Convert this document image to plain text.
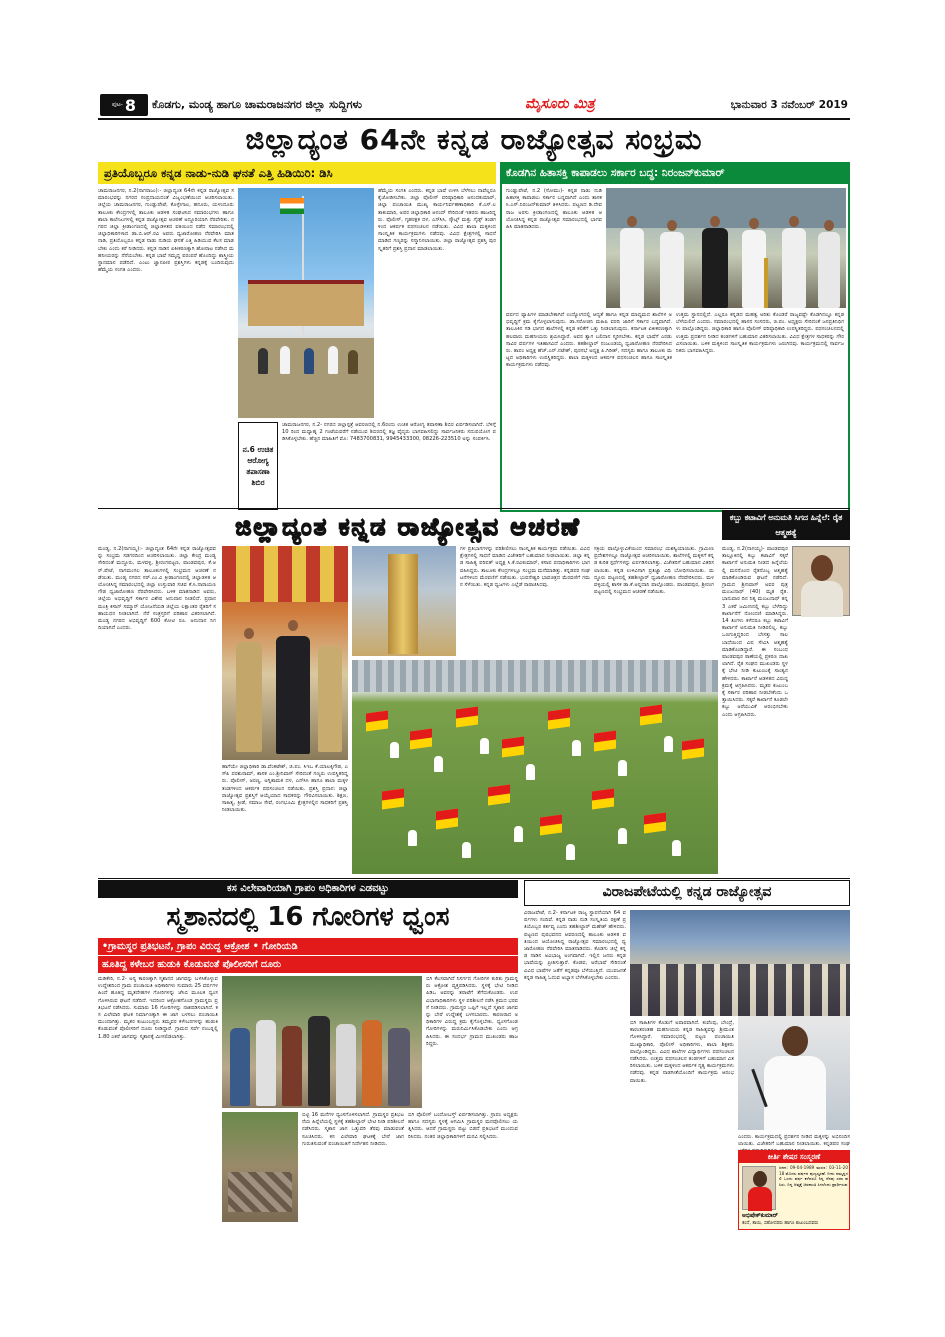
ಪುಟ- 8 ಕೊಡಗು, ಮಂಡ್ಯ ಹಾಗೂ ಚಾಮರಾಜನಗರ ಜಿಲ್ಲಾ ಸುದ್ದಿಗಳು	ಮೈಸೂರು ಮಿತ್ರ	ಭಾನುವಾರ 3 ನವೆಂಬರ್ 2019
ಜಿಲ್ಲಾದ್ಯಂತ 64ನೇ ಕನ್ನಡ ರಾಜ್ಯೋತ್ಸವ ಸಂಭ್ರಮ
ಪ್ರತಿಯೊಬ್ಬರೂ ಕನ್ನಡ ನಾಡು-ನುಡಿ ಘನತೆ ಎತ್ತಿ ಹಿಡಿಯಿರಿ: ಡಿಸಿ
ಚಾಮರಾಜನಗರ, ನ.2(ನಾಗರಾಜು):- ಜಿಲ್ಲಾದ್ಯಂತ 64ನೇ ಕನ್ನಡ ರಾಜ್ಯೋತ್ಸವ ಸಮಾರಂಭವನ್ನು ನಗರದ ಸಂಪ್ರದಾಯದಂತೆ ವಿಜೃಂಭಣೆಯಿಂದ ಆಚರಿಸಲಾಯಿತು. ಜಿಲ್ಲೆಯ ಚಾಮರಾಜನಗರ, ಗುಂಡ್ಲುಪೇಟೆ, ಕೊಳ್ಳೇಗಾಲ, ಹನೂರು, ಯಳಂದೂರು ತಾಲೂಕು ಕೇಂದ್ರಗಳಲ್ಲಿ ತಾಲೂಕು ಆಡಳಿತ ಸಂಘಟಿಸಿದ ಸಮಾರಂಭಗಳು ಹಾಗೂ ಶಾಲಾ ಕಾಲೇಜುಗಳಲ್ಲಿ ಕನ್ನಡ ರಾಜ್ಯೋತ್ಸವ ಆಚರಣೆ ಅದ್ದೂರಿಯಾಗಿ ನೆರವೇರಿತು. ನಗರದ ಜಿಲ್ಲಾ ಕ್ರೀಡಾಂಗಣದಲ್ಲಿ ಜಿಲ್ಲಾಡಳಿತದ ವತಿಯಿಂದ ನಡೆದ ಸಮಾರಂಭದಲ್ಲಿ ಜಿಲ್ಲಾಧಿಕಾರಿಗಳಾದ ಡಾ.ಬಿ.ಆರ್.ರವಿ ಅವರು ಧ್ವಜಾರೋಹಣ ನೆರವೇರಿಸಿ ಮಾತನಾಡಿ, ಪ್ರತಿಯೊಬ್ಬರೂ ಕನ್ನಡ ನಾಡು ನುಡಿಯ ಘನತೆ ಎತ್ತಿ ಹಿಡಿಯುವ ಕೆಲಸ ಮಾಡಬೇಕು ಎಂದು ಕರೆ ನೀಡಿದರು. ಕನ್ನಡ ನಾಡಿನ ಏಕೀಕರಣಕ್ಕಾಗಿ ಹೋರಾಟ ನಡೆಸಿದ ಮಹನೀಯರನ್ನು ನೆನೆಯಬೇಕು. ಕನ್ನಡ ಭಾಷೆ ಸಮೃದ್ಧ ಪರಂಪರೆ ಹೊಂದಿದ್ದು ಶಾಸ್ತ್ರೀಯ ಸ್ಥಾನಮಾನ ಪಡೆದಿದೆ. ಎಂಟು ಜ್ಞಾನಪೀಠ ಪ್ರಶಸ್ತಿಗಳು ಕನ್ನಡಕ್ಕೆ ಬಂದಿರುವುದು ಹೆಮ್ಮೆಯ ಸಂಗತಿ ಎಂದರು.
ಹೆಮ್ಮೆಯ ಸಂಗತಿ ಎಂದರು. ಕನ್ನಡ ಭಾಷೆ ಉಳಿಸಿ ಬೆಳೆಸಲು ನಾವೆಲ್ಲರೂ ಕೈಜೋಡಿಸಬೇಕು. ಜಿಲ್ಲಾ ಪೊಲೀಸ್ ವರಿಷ್ಠಾಧಿಕಾರಿ ಆನಂದಕುಮಾರ್, ಜಿಲ್ಲಾ ಪಂಚಾಯಿತಿ ಮುಖ್ಯ ಕಾರ್ಯನಿರ್ವಹಣಾಧಿಕಾರಿ ಕೆ.ಎಸ್.ಲತಾಕುಮಾರಿ, ಅಪರ ಜಿಲ್ಲಾಧಿಕಾರಿ ಆನಂದ್ ಸೇರಿದಂತೆ ಇತರರು ಹಾಜರಿದ್ದರು. ಪೊಲೀಸ್, ಗೃಹರಕ್ಷಕ ದಳ, ಎನ್‍ಸಿಸಿ, ಸ್ಕೌಟ್ಸ್ ಮತ್ತು ಗೈಡ್ಸ್ ತಂಡಗಳಿಂದ ಆಕರ್ಷಕ ಪಥಸಂಚಲನ ನಡೆಯಿತು. ವಿವಿಧ ಶಾಲಾ ಮಕ್ಕಳಿಂದ ಸಾಂಸ್ಕೃತಿಕ ಕಾರ್ಯಕ್ರಮಗಳು ನಡೆದವು. ವಿವಿಧ ಕ್ಷೇತ್ರಗಳಲ್ಲಿ ಸಾಧನೆ ಮಾಡಿದ ಗಣ್ಯರನ್ನು ಸನ್ಮಾನಿಸಲಾಯಿತು. ಜಿಲ್ಲಾ ರಾಜ್ಯೋತ್ಸವ ಪ್ರಶಸ್ತಿ ಪುರಸ್ಕೃತರಿಗೆ ಪ್ರಶಸ್ತಿ ಪ್ರದಾನ ಮಾಡಲಾಯಿತು.
ನ.6 ಉಚಿತ ಆರೋಗ್ಯ ತಪಾಸಣಾ ಶಿಬಿರ
ಚಾಮರಾಜನಗರ, ನ.2- ನಗರದ ಜಿಲ್ಲಾಸ್ಪತ್ರೆ ಆವರಣದಲ್ಲಿ ನ.6ರಂದು ಉಚಿತ ಆರೋಗ್ಯ ತಪಾಸಣಾ ಶಿಬಿರ ಏರ್ಪಡಿಸಲಾಗಿದೆ. ಬೆಳಿಗ್ಗೆ 10 ರಿಂದ ಮಧ್ಯಾಹ್ನ 2 ಗಂಟೆಯವರೆಗೆ ನಡೆಯುವ ಶಿಬಿರದಲ್ಲಿ ತಜ್ಞ ವೈದ್ಯರು ಭಾಗವಹಿಸಲಿದ್ದು ಸಾರ್ವಜನಿಕರು ಸದುಪಯೋಗ ಪಡಿಸಿಕೊಳ್ಳಬೇಕು. ಹೆಚ್ಚಿನ ಮಾಹಿತಿಗೆ ಮೊ: 7483700831, 9945433300, 08226-223510 ಅನ್ನು ಸಂಪರ್ಕಿಸಿ.
ಕೊಡಗಿನ ಹಿತಾಸಕ್ತಿ ಕಾಪಾಡಲು ಸರ್ಕಾರ ಬದ್ಧ: ನಿರಂಜನ್‍ಕುಮಾರ್
ಗುಂಡ್ಲುಪೇಟೆ, ನ.2 (ಸೋಮು)- ಕನ್ನಡ ನಾಡು ನುಡಿ ಹಿತಾಸಕ್ತಿ ಕಾಪಾಡಲು ಸರ್ಕಾರ ಬದ್ಧವಾಗಿದೆ ಎಂದು ಶಾಸಕ ಸಿ.ಎಸ್.ನಿರಂಜನ್‍ಕುಮಾರ್ ತಿಳಿಸಿದರು. ಪಟ್ಟಣದ ಡಿ.ದೇವರಾಜ ಅರಸು ಕ್ರೀಡಾಂಗಣದಲ್ಲಿ ತಾಲೂಕು ಆಡಳಿತ ಆಯೋಜಿಸಿದ್ದ ಕನ್ನಡ ರಾಜ್ಯೋತ್ಸವ ಸಮಾರಂಭದಲ್ಲಿ ಭಾಗವಹಿಸಿ ಮಾತನಾಡಿದರು.
ವರ್ಷದ ವ್ಯಾಪಿಗಳ ಮಾಡಬೇಕಾಗಿದೆ ಉದ್ಯೋಗದಲ್ಲಿ ಆದ್ಯತೆ ಹಾಗೂ ಕನ್ನಡ ಮಾಧ್ಯಮದ ಶಾಲೆಗಳ ಅಭಿವೃದ್ಧಿಗೆ ಕ್ರಮ ಕೈಗೊಳ್ಳಲಾಗುವುದು. ಡಾ.ಸರೋಜಿನಿ ಮಹಿಷಿ ವರದಿ ಜಾರಿಗೆ ಸರ್ಕಾರ ಬದ್ಧವಾಗಿದೆ. ತಾಲೂಕಿನ ಗಡಿ ಭಾಗದ ಶಾಲೆಗಳಲ್ಲಿ ಕನ್ನಡ ಕಲಿಕೆಗೆ ಒತ್ತು ನೀಡಲಾಗುವುದು. ಕರ್ನಾಟಕ ಏಕೀಕರಣಕ್ಕಾಗಿ ಹಲವಾರು ಮಹನೀಯರು ಶ್ರಮಿಸಿದ್ದಾರೆ. ಅವರ ತ್ಯಾಗ ಬಲಿದಾನ ಸ್ಮರಿಸಬೇಕು. ಕನ್ನಡ ಭಾಷೆಗೆ ಎರಡು ಸಾವಿರ ವರ್ಷಗಳ ಇತಿಹಾಸವಿದೆ ಎಂದರು. ತಹಶೀಲ್ದಾರ್ ನಂಜುಂಡಯ್ಯ ಧ್ವಜಾರೋಹಣ ನೆರವೇರಿಸಿದರು. ತಾಪಂ ಅಧ್ಯಕ್ಷ ಹೆಚ್.ಎನ್.ನಟೇಶ್, ಪುರಸಭೆ ಅಧ್ಯಕ್ಷ ಪಿ.ಗಿರೀಶ್, ಸದಸ್ಯರು ಹಾಗೂ ತಾಲೂಕು ಮಟ್ಟದ ಅಧಿಕಾರಿಗಳು ಉಪಸ್ಥಿತರಿದ್ದರು. ಶಾಲಾ ಮಕ್ಕಳಿಂದ ಆಕರ್ಷಕ ಪಥಸಂಚಲನ ಹಾಗೂ ಸಾಂಸ್ಕೃತಿಕ ಕಾರ್ಯಕ್ರಮಗಳು ನಡೆದವು.
ಉತ್ತಮ ಸ್ಥಾನದಲ್ಲಿದೆ. ಎಲ್ಲರೂ ಕನ್ನಡದ ಮಹತ್ವ ಅರಿತು ಕೊಂಡರೆ ರಾಜ್ಯವಷ್ಟೇ ಕೊಡಗಿನಲ್ಲೂ ಕನ್ನಡ ಬೆಳೆಯಲಿದೆ ಎಂದರು. ಸಮಾರಂಭದಲ್ಲಿ ಹಾಸನ ಸಂಸದರು, ಜಿ.ಪಂ. ಅಧ್ಯಕ್ಷರು ಸೇರಿದಂತೆ ಜನಪ್ರತಿನಿಧಿಗಳು ಪಾಲ್ಗೊಂಡಿದ್ದರು. ಜಿಲ್ಲಾಧಿಕಾರಿ ಹಾಗೂ ಪೊಲೀಸ್ ವರಿಷ್ಠಾಧಿಕಾರಿ ಉಪಸ್ಥಿತರಿದ್ದರು. ಪಥಸಂಚಲನದಲ್ಲಿ ಉತ್ತಮ ಪ್ರದರ್ಶನ ನೀಡಿದ ತಂಡಗಳಿಗೆ ಬಹುಮಾನ ವಿತರಿಸಲಾಯಿತು. ವಿವಿಧ ಕ್ಷೇತ್ರಗಳ ಸಾಧಕರನ್ನು ಗೌರವಿಸಲಾಯಿತು. ಬಳಿಕ ಮಕ್ಕಳಿಂದ ಸಾಂಸ್ಕೃತಿಕ ಕಾರ್ಯಕ್ರಮಗಳು ಜರುಗಿದವು. ಕಾರ್ಯಕ್ರಮದಲ್ಲಿ ಸಾರ್ವಜನಿಕರು ಭಾಗವಹಿಸಿದ್ದರು.
ಜಿಲ್ಲಾದ್ಯಂತ ಕನ್ನಡ ರಾಜ್ಯೋತ್ಸವ ಆಚರಣೆ
ಮಂಡ್ಯ, ನ.2(ನಾಗಯ್ಯ):- ಜಿಲ್ಲಾದ್ಯಂತ 64ನೇ ಕನ್ನಡ ರಾಜ್ಯೋತ್ಸವವನ್ನು ಸಂಭ್ರಮ ಸಡಗರದಿಂದ ಆಚರಿಸಲಾಯಿತು. ಜಿಲ್ಲಾ ಕೇಂದ್ರ ಮಂಡ್ಯ ಸೇರಿದಂತೆ ಮದ್ದೂರು, ಮಳವಳ್ಳಿ, ಶ್ರೀರಂಗಪಟ್ಟಣ, ಪಾಂಡವಪುರ, ಕೆ.ಆರ್.ಪೇಟೆ, ನಾಗಮಂಗಲ ತಾಲೂಕುಗಳಲ್ಲಿ ಸಂಭ್ರಮದ ಆಚರಣೆ ನಡೆಯಿತು. ಮಂಡ್ಯ ನಗರದ ಸರ್.ಎಂ.ವಿ ಕ್ರೀಡಾಂಗಣದಲ್ಲಿ ಜಿಲ್ಲಾಡಳಿತ ಆಯೋಜಿಸಿದ್ದ ಸಮಾರಂಭದಲ್ಲಿ ಜಿಲ್ಲಾ ಉಸ್ತುವಾರಿ ಸಚಿವ ಕೆ.ಸಿ.ನಾರಾಯಣಗೌಡ ಧ್ವಜಾರೋಹಣ ನೆರವೇರಿಸಿದರು. ಬಳಿಕ ಮಾತನಾಡಿದ ಅವರು, ಜಿಲ್ಲೆಯ ಅಭಿವೃದ್ಧಿಗೆ ಸರ್ಕಾರ ವಿಶೇಷ ಅನುದಾನ ನೀಡಲಿದೆ. ಪ್ರಧಾನಮಂತ್ರಿ ಕಿಸಾನ್ ಸಮ್ಮಾನ್ ಯೋಜನೆಯಡಿ ಜಿಲ್ಲೆಯ ಲಕ್ಷಾಂತರ ರೈತರಿಗೆ ಸಹಾಯಧನ ನೀಡಲಾಗಿದೆ. ನೆರೆ ಸಂತ್ರಸ್ತರಿಗೆ ಪರಿಹಾರ ವಿತರಿಸಲಾಗಿದೆ. ಮಂಡ್ಯ ನಗರದ ಅಭಿವೃದ್ಧಿಗೆ 600 ಕೋಟಿ ರೂ. ಅನುದಾನ ನಿಗದಿಯಾಗಿದೆ ಎಂದರು.
ಹಾಗೆಯೇ ಜಿಲ್ಲಾಧಿಕಾರಿ ಡಾ.ವೆಂಕಟೇಶ್, ಜಿ.ಪಂ. ಸಿಇಒ ಕೆ.ಯಾಲಕ್ಕಿಗೌಡ, ಎಸ್‍ಪಿ ಪರಶುರಾಮ್, ಶಾಸಕ ಎಂ.ಶ್ರೀನಿವಾಸ್ ಸೇರಿದಂತೆ ಗಣ್ಯರು ಉಪಸ್ಥಿತರಿದ್ದರು. ಪೊಲೀಸ್, ಅರಣ್ಯ, ಅಗ್ನಿಶಾಮಕ ದಳ, ಎನ್‍ಸಿಸಿ ಹಾಗೂ ಶಾಲಾ ಮಕ್ಕಳ ತಂಡಗಳಿಂದ ಆಕರ್ಷಕ ಪಥಸಂಚಲನ ನಡೆಯಿತು. ಪ್ರಶಸ್ತಿ ಪ್ರದಾನ: ಜಿಲ್ಲಾ ರಾಜ್ಯೋತ್ಸವ ಪ್ರಶಸ್ತಿಗೆ ಆಯ್ಕೆಯಾದ ಸಾಧಕರನ್ನು ಗೌರವಿಸಲಾಯಿತು. ಶಿಕ್ಷಣ, ಸಾಹಿತ್ಯ, ಕ್ರೀಡೆ, ಸಮಾಜ ಸೇವೆ, ರಂಗಭೂಮಿ ಕ್ಷೇತ್ರಗಳಲ್ಲಿನ ಸಾಧಕರಿಗೆ ಪ್ರಶಸ್ತಿ ನೀಡಲಾಯಿತು.
ಗಳ ಪ್ರತಿಭಾಗಗಳನ್ನು ಪರಿಶೀಲಿಸಲು ಸಾಂಸ್ಕೃತಿಕ ಕಾರ್ಯಕ್ರಮ ನಡೆಯಿತು. ವಿವಿಧ ಕ್ಷೇತ್ರಗಳಲ್ಲಿ ಸಾಧನೆ ಮಾಡಿದ ವಿಜೇತರಿಗೆ ಬಹುಮಾನ ನೀಡಲಾಯಿತು. ಜಿಲ್ಲಾ ಕನ್ನಡ ಸಾಹಿತ್ಯ ಪರಿಷತ್ ಅಧ್ಯಕ್ಷ ಸಿ.ಕೆ.ರವಿಕುಮಾರ್, ಕಸಾಪ ಪದಾಧಿಕಾರಿಗಳು ಭಾಗವಹಿಸಿದ್ದರು. ತಾಲೂಕು ಕೇಂದ್ರಗಳಲ್ಲೂ ಸಂಭ್ರಮ ಮನೆಮಾಡಿತ್ತು. ಕನ್ನಡಪರ ಸಂಘಟನೆಗಳಿಂದ ಮೆರವಣಿಗೆ ನಡೆಯಿತು. ಭುವನೇಶ್ವರಿ ಭಾವಚಿತ್ರದ ಮೆರವಣಿಗೆ ಗಮನ ಸೆಳೆಯಿತು. ಕನ್ನಡ ಧ್ವಜಗಳು ಎಲ್ಲೆಡೆ ರಾರಾಜಿಸಿದವು.
ಸಕ್ರಿಯ ಪಾಲ್ಗೊಳ್ಳುವಿಕೆಯಿಂದ ಸಮಾರಂಭ ಯಶಸ್ವಿಯಾಯಿತು. ಗ್ರಾಮೀಣ ಪ್ರದೇಶಗಳಲ್ಲೂ ರಾಜ್ಯೋತ್ಸವ ಆಚರಿಸಲಾಯಿತು. ಶಾಲೆಗಳಲ್ಲಿ ಮಕ್ಕಳಿಗೆ ಕನ್ನಡ ಕುರಿತ ಸ್ಪರ್ಧೆಗಳನ್ನು ಏರ್ಪಡಿಸಲಾಗಿತ್ತು. ವಿಜೇತರಿಗೆ ಬಹುಮಾನ ವಿತರಿಸಲಾಯಿತು. ಕನ್ನಡ ಉಳಿವಿಗಾಗಿ ಪ್ರತಿಜ್ಞಾ ವಿಧಿ ಬೋಧಿಸಲಾಯಿತು. ಮದ್ದೂರು ಪಟ್ಟಣದಲ್ಲಿ ತಹಶೀಲ್ದಾರ್ ಧ್ವಜಾರೋಹಣ ನೆರವೇರಿಸಿದರು. ಮಳವಳ್ಳಿಯಲ್ಲಿ ಶಾಸಕ ಡಾ.ಕೆ.ಅನ್ನದಾನಿ ಪಾಲ್ಗೊಂಡರು. ಪಾಂಡವಪುರ, ಶ್ರೀರಂಗಪಟ್ಟಣದಲ್ಲಿ ಸಂಭ್ರಮದ ಆಚರಣೆ ನಡೆಯಿತು.
ಕಬ್ಬು ಕಟಾವಿಗೆ ಅನುಮತಿ ಸಿಗದ ಹಿನ್ನೆಲೆ: ರೈತ ಆತ್ಮಹತ್ಯೆ
ಮಂಡ್ಯ, ನ.2(ನಾಗಯ್ಯ)- ಪಾಂಡವಪುರ ತಾಲ್ಲೂಕಿನಲ್ಲಿ ಕಬ್ಬು ಕಟಾವಿಗೆ ಸಕ್ಕರೆ ಕಾರ್ಖಾನೆ ಅನುಮತಿ ನೀಡದ ಹಿನ್ನೆಲೆಯಲ್ಲಿ ಮನನೊಂದ ರೈತನೊಬ್ಬ ಆತ್ಮಹತ್ಯೆ ಮಾಡಿಕೊಂಡಿರುವ ಘಟನೆ ನಡೆದಿದೆ. ಗ್ರಾಮದ ಶ್ರೀನಿವಾಸ್ ಅವರ ಪುತ್ರ ಮಂಜುನಾಥ್ (40) ಮೃತ ರೈತ. ಭಾನುವಾರ ದಿನ ನಿತ್ಯ ಮಂಜುನಾಥ್ ತನ್ನ 3 ಎಕರೆ ಜಮೀನಿನಲ್ಲಿ ಕಬ್ಬು ಬೆಳೆದಿದ್ದು ಕಾರ್ಖಾನೆಗೆ ನೋಂದಣಿ ಮಾಡಿಸಿದ್ದರು. 14 ತಿಂಗಳು ಕಳೆದರೂ ಕಬ್ಬು ಕಟಾವಿಗೆ ಕಾರ್ಖಾನೆ ಅನುಮತಿ ನೀಡಿರಲಿಲ್ಲ. ಕಬ್ಬು ಒಣಗುತ್ತಿದ್ದರಿಂದ ಬೇಸತ್ತು ಸಾಲಬಾಧೆಯಿಂದ ವಿಷ ಸೇವಿಸಿ ಆತ್ಮಹತ್ಯೆ ಮಾಡಿಕೊಂಡಿದ್ದಾರೆ. ಈ ಸಂಬಂಧ ಪಾಂಡವಪುರ ಠಾಣೆಯಲ್ಲಿ ಪ್ರಕರಣ ದಾಖಲಾಗಿದೆ. ರೈತ ಸಂಘದ ಮುಖಂಡರು ಸ್ಥಳಕ್ಕೆ ಭೇಟಿ ನೀಡಿ ಕುಟುಂಬಕ್ಕೆ ಸಾಂತ್ವನ ಹೇಳಿದರು. ಕಾರ್ಖಾನೆ ಆಡಳಿತದ ವಿರುದ್ಧ ಕ್ರಮಕ್ಕೆ ಆಗ್ರಹಿಸಿದರು. ಮೃತರ ಕುಟುಂಬಕ್ಕೆ ಸರ್ಕಾರ ಪರಿಹಾರ ನೀಡಬೇಕೆಂದು ಒತ್ತಾಯಿಸಿದರು. ಸಕ್ಕರೆ ಕಾರ್ಖಾನೆ ಕೂಡಲೇ ಕಬ್ಬು ಅರೆಯುವಿಕೆ ಆರಂಭಿಸಬೇಕು ಎಂದು ಆಗ್ರಹಿಸಿದರು.
ಕಸ ವಿಲೇವಾರಿಯಾಗಿ ಗ್ರಾಪಂ ಅಧಿಕಾರಿಗಳ ಎಡವಟ್ಟು
ಸ್ಮಶಾನದಲ್ಲಿ 16 ಗೋರಿಗಳ ಧ್ವಂಸ
•ಗ್ರಾಮಸ್ಥರ ಪ್ರತಿಭಟನೆ, ಗ್ರಾಪಂ ವಿರುದ್ಧ ಆಕ್ರೋಶ • ಗೋರಿಯಡಿ
ಹೂತಿದ್ದ ಕಳೇಬರ ಹುಡುಕಿ ಕೊಡುವಂತೆ ಪೊಲೀಸರಿಗೆ ದೂರು
ಮಡಿಕೇರಿ, ನ.2- ಅನ್ಯ ಕಾರಣಕ್ಕಾಗಿ ಸ್ಮಶಾನದ ಜಾಗವನ್ನು ಬಳಸಿಕೊಳ್ಳುವ ಉದ್ದೇಶದಿಂದ ಗ್ರಾಮ ಪಂಚಾಯಿತಿ ಅಧಿಕಾರಿಗಳು ಸುಮಾರು 25 ವರ್ಷಗಳ ಹಿಂದೆ ಹೂತಿದ್ದ ಮೃತದೇಹಗಳ ಗೋರಿಗಳನ್ನು ಜೆಸಿಬಿ ಮೂಲಕ ಧ್ವಂಸಗೊಳಿಸಿರುವ ಘಟನೆ ನಡೆದಿದೆ. ಇದರಿಂದ ಆಕ್ರೋಶಗೊಂಡ ಗ್ರಾಮಸ್ಥರು ಪ್ರತಿಭಟನೆ ನಡೆಸಿದರು. ಸುಮಾರು 16 ಗೋರಿಗಳನ್ನು ನಾಶಪಡಿಸಲಾಗಿದೆ. ಕಸ ವಿಲೇವಾರಿ ಘಟಕ ನಿರ್ಮಾಣಕ್ಕಾಗಿ ಈ ಜಾಗ ಬಳಸಲು ಪಂಚಾಯಿತಿ ಮುಂದಾಗಿತ್ತು. ಮೃತರ ಕುಟುಂಬಸ್ಥರು ತಮ್ಮವರ ಕಳೇಬರಗಳನ್ನು ಹುಡುಕಿ ಕೊಡುವಂತೆ ಪೊಲೀಸರಿಗೆ ದೂರು ನೀಡಿದ್ದಾರೆ. ಗ್ರಾಮದ ಸರ್ವೆ ನಂಬರ್‍ನಲ್ಲಿ 1.80 ಎಕರೆ ಜಾಗವನ್ನು ಸ್ಮಶಾನಕ್ಕೆ ಮೀಸಲಿಡಲಾಗಿತ್ತು.
ಬಿಗಿ ಕೆಲಸವಾಗಿದೆ ನಿಸರ್ಗದ ಗೋರಿಗಳ ಕುರಿತು ಗ್ರಾಮಸ್ಥರು ಆಕ್ರೋಶ ವ್ಯಕ್ತಪಡಿಸಿದರು. ಸ್ಥಳಕ್ಕೆ ಭೇಟಿ ನೀಡಿದ ಪಿಡಿಒ ಅವರನ್ನು ತರಾಟೆಗೆ ತೆಗೆದುಕೊಂಡರು. ಉಪವಿಭಾಗಾಧಿಕಾರಿಗಳು ಸ್ಥಳ ಪರಿಶೀಲನೆ ನಡೆಸಿ ಕ್ರಮದ ಭರವಸೆ ನೀಡಿದರು. ಗ್ರಾಮಸ್ಥರ ಒಪ್ಪಿಗೆ ಇಲ್ಲದೆ ಸ್ಮಶಾನ ಜಾಗವನ್ನು ಬೇರೆ ಉದ್ದೇಶಕ್ಕೆ ಬಳಸಬಾರದು. ಕಾರಣರಾದ ಅಧಿಕಾರಿಗಳ ವಿರುದ್ಧ ಕ್ರಮ ಕೈಗೊಳ್ಳಬೇಕು. ಧ್ವಂಸಗೊಂಡ ಗೋರಿಗಳನ್ನು ಮರುನಿರ್ಮಿಸಿಕೊಡಬೇಕು ಎಂದು ಆಗ್ರಹಿಸಿದರು. ಈ ಸಂದರ್ಭ ಗ್ರಾಮದ ಮುಖಂಡರು ಹಾಜರಿದ್ದರು.
ಬಿಟ್ಟಿ 16 ಮನೆಗಳ ಧ್ವಂಸಗೊಳಿಸಲಾಗಿದೆ. ಗ್ರಾಮಸ್ಥರ ಪ್ರತಿಭಟನೆಯ ಹಿನ್ನೆಲೆಯಲ್ಲಿ ಸ್ಥಳಕ್ಕೆ ತಹಶೀಲ್ದಾರ್ ಭೇಟಿ ನೀಡಿ ಪರಿಶೀಲನೆ ನಡೆಸಿದರು. ಸ್ಮಶಾನ ಜಾಗ ಒತ್ತುವರಿ ತೆರವು ಮಾಡುವಂತೆ ಸೂಚಿಸಿದರು. ಕಸ ವಿಲೇವಾರಿ ಘಟಕಕ್ಕೆ ಬೇರೆ ಜಾಗ ಗುರುತಿಸುವಂತೆ ಪಂಚಾಯಿತಿಗೆ ನಿರ್ದೇಶನ ನೀಡಿದರು.
ಬಿಗಿ ಪೊಲೀಸ್ ಬಂದೋಬಸ್ತ್ ಏರ್ಪಡಿಸಲಾಗಿತ್ತು. ಗ್ರಾಪಂ ಅಧ್ಯಕ್ಷರು ಹಾಗೂ ಸದಸ್ಯರು ಸ್ಥಳಕ್ಕೆ ಆಗಮಿಸಿ ಗ್ರಾಮಸ್ಥರ ಮನವೊಲಿಸಲು ಯತ್ನಿಸಿದರು. ಆದರೆ ಗ್ರಾಮಸ್ಥರು ಪಟ್ಟು ಬಿಡದೆ ಪ್ರತಿಭಟನೆ ಮುಂದುವರಿಸಿದರು. ನಂತರ ಜಿಲ್ಲಾಧಿಕಾರಿಗಳಿಗೆ ಮನವಿ ಸಲ್ಲಿಸಿದರು.
ವಿರಾಜಪೇಟೆಯಲ್ಲಿ ಕನ್ನಡ ರಾಜ್ಯೋತ್ಸವ
ವಿರಾಜಪೇಟೆ, ನ.2- ಕರ್ನಾಟಕ ರಾಜ್ಯ ಸ್ಥಾಪನೆಯಾಗಿ 64 ವರ್ಷಗಳು ಸಂದಿವೆ. ಕನ್ನಡ ನಾಡು ನುಡಿ ಸಂಸ್ಕೃತಿಯ ರಕ್ಷಣೆ ಪ್ರತಿಯೊಬ್ಬರ ಕರ್ತವ್ಯ ಎಂದು ತಹಶೀಲ್ದಾರ್ ಮಹೇಶ್ ಹೇಳಿದರು. ಪಟ್ಟಣದ ಪುರಭವನದ ಆವರಣದಲ್ಲಿ ತಾಲೂಕು ಆಡಳಿತ ವತಿಯಿಂದ ಆಯೋಜಿಸಿದ್ದ ರಾಜ್ಯೋತ್ಸವ ಸಮಾರಂಭದಲ್ಲಿ ಧ್ವಜಾರೋಹಣ ನೆರವೇರಿಸಿ ಮಾತನಾಡಿದರು. ಕೊಡಗು ಜಿಲ್ಲೆ ಕನ್ನಡ ನಾಡಿನ ಅವಿಭಾಜ್ಯ ಅಂಗವಾಗಿದೆ. ಇಲ್ಲಿನ ಜನರು ಕನ್ನಡ ಭಾಷೆಯನ್ನು ಪ್ರೀತಿಸುತ್ತಾರೆ. ಕೊಡವ, ಅರೆಭಾಷೆ ಸೇರಿದಂತೆ ವಿವಿಧ ಭಾಷೆಗಳ ಜತೆಗೆ ಕನ್ನಡವೂ ಬೆಳೆಯುತ್ತಿದೆ. ಯುವಜನತೆ ಕನ್ನಡ ಸಾಹಿತ್ಯ ಓದುವ ಅಭ್ಯಾಸ ಬೆಳೆಸಿಕೊಳ್ಳಬೇಕು ಎಂದರು.
ಬಿಗಿ ಸಾಹಿತಿಗಳ ಕೊಡುಗೆ ಅಪಾರವಾಗಿದೆ. ಕುವೆಂಪು, ಬೇಂದ್ರೆ, ಕಾರಂತರಂತಹ ಮಹನೀಯರು ಕನ್ನಡ ಸಾಹಿತ್ಯವನ್ನು ಶ್ರೀಮಂತಗೊಳಿಸಿದ್ದಾರೆ. ಸಮಾರಂಭದಲ್ಲಿ ಪಟ್ಟಣ ಪಂಚಾಯಿತಿ ಮುಖ್ಯಾಧಿಕಾರಿ, ಪೊಲೀಸ್ ಅಧಿಕಾರಿಗಳು, ಶಾಲಾ ಶಿಕ್ಷಕರು ಪಾಲ್ಗೊಂಡಿದ್ದರು. ವಿವಿಧ ಶಾಲೆಗಳ ವಿದ್ಯಾರ್ಥಿಗಳು ಪಥಸಂಚಲನ ನಡೆಸಿದರು. ಉತ್ತಮ ಪಥಸಂಚಲನ ತಂಡಗಳಿಗೆ ಬಹುಮಾನ ವಿತರಿಸಲಾಯಿತು. ಬಳಿಕ ಮಕ್ಕಳಿಂದ ಆಕರ್ಷಕ ನೃತ್ಯ ಕಾರ್ಯಕ್ರಮಗಳು ನಡೆದವು. ಕನ್ನಡ ನಾಡಗೀತೆಯೊಂದಿಗೆ ಕಾರ್ಯಕ್ರಮ ಆರಂಭವಾಯಿತು.
ಎಂದರು. ಕಾರ್ಯಕ್ರಮದಲ್ಲಿ ಪ್ರದರ್ಶನ ನೀಡಿದ ಮಕ್ಕಳನ್ನು ಅಭಿನಂದಿಸಲಾಯಿತು. ವಿಜೇತರಿಗೆ ಬಹುಮಾನ ನೀಡಲಾಯಿತು. ಕನ್ನಡಪರ ಸಂಘ
ಕೀರ್ತಿ ಶೇಷರ ಸಂಸ್ಮರಣೆ
ಜನನ: 09-04-1989 ಮರಣ: 03-11-2018 ಮೊದಲ ವರ್ಷದ ಪುಣ್ಯಸ್ಮರಣೆ. ನೀನು ನಮ್ಮನ್ನಗಲಿ ಒಂದು ವರ್ಷ ಕಳೆದರೂ ನಿನ್ನ ನೆನಪು ಸದಾ ಹಸಿರು. ನಿನ್ನ ಆತ್ಮಕ್ಕೆ ಚಿರಶಾಂತಿ ಸಿಗಲೆಂದು ಪ್ರಾರ್ಥಿಸುವ
ಅಭಿಷೇಕ್‍ಕುಮಾರ್
ತಂದೆ, ತಾಯಿ, ಸಹೋದರರು ಹಾಗೂ ಕುಟುಂಬದವರು
